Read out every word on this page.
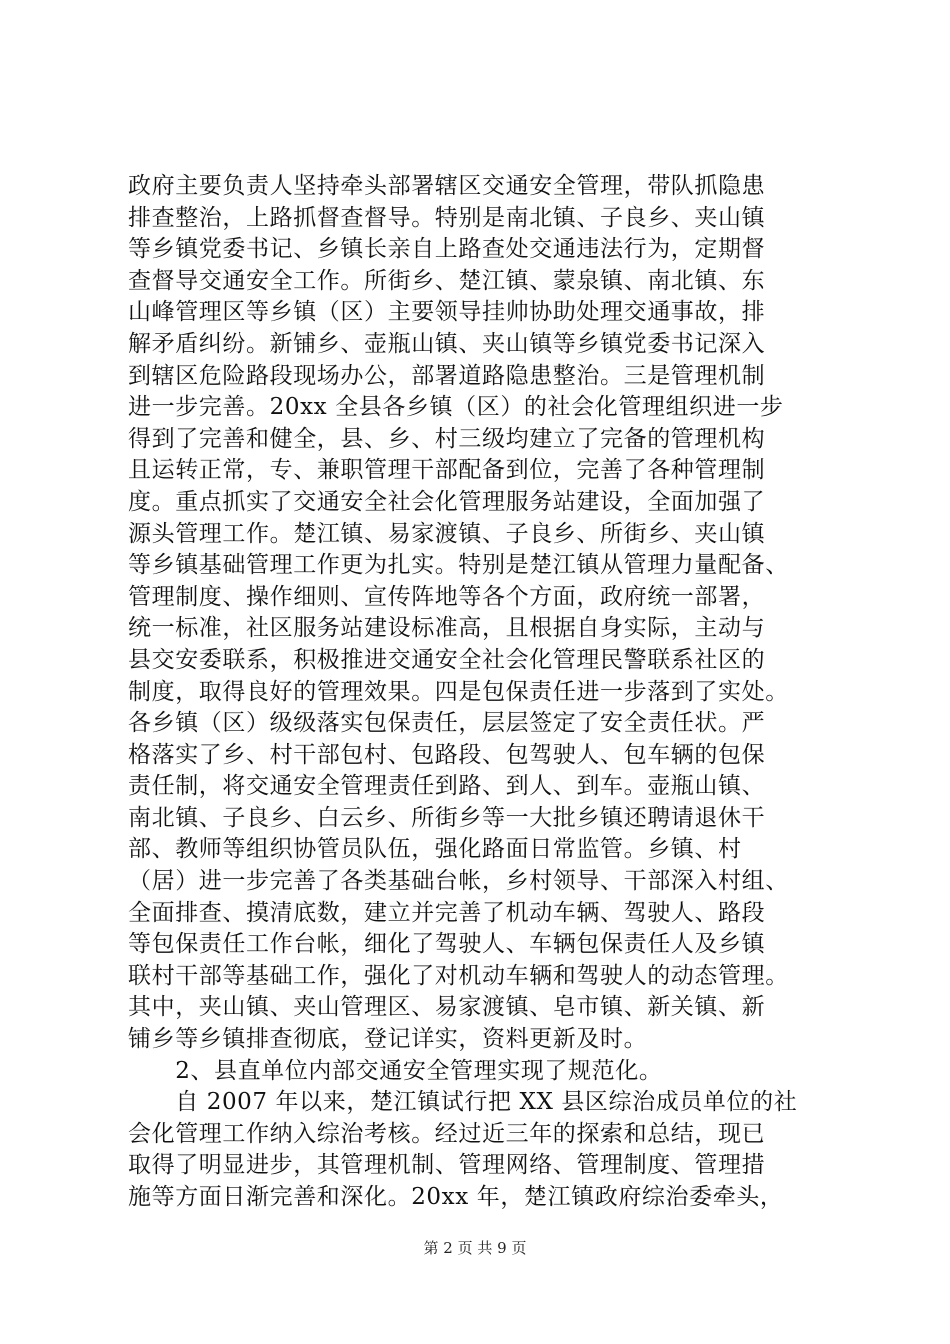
政府主要负责人坚持牵头部署辖区交通安全管理，带队抓隐患
排查整治，上路抓督查督导。特别是南北镇、子良乡、夹山镇
等乡镇党委书记、乡镇长亲自上路查处交通违法行为，定期督
查督导交通安全工作。所街乡、楚江镇、蒙泉镇、南北镇、东
山峰管理区等乡镇（区）主要领导挂帅协助处理交通事故，排
解矛盾纠纷。新铺乡、壶瓶山镇、夹山镇等乡镇党委书记深入
到辖区危险路段现场办公，部署道路隐患整治。三是管理机制
进一步完善。20xx 全县各乡镇（区）的社会化管理组织进一步
得到了完善和健全，县、乡、村三级均建立了完备的管理机构
且运转正常，专、兼职管理干部配备到位，完善了各种管理制
度。重点抓实了交通安全社会化管理服务站建设，全面加强了
源头管理工作。楚江镇、易家渡镇、子良乡、所街乡、夹山镇
等乡镇基础管理工作更为扎实。特别是楚江镇从管理力量配备、
管理制度、操作细则、宣传阵地等各个方面，政府统一部署，
统一标准，社区服务站建设标准高，且根据自身实际，主动与
县交安委联系，积极推进交通安全社会化管理民警联系社区的
制度，取得良好的管理效果。四是包保责任进一步落到了实处。
各乡镇（区）级级落实包保责任，层层签定了安全责任状。严
格落实了乡、村干部包村、包路段、包驾驶人、包车辆的包保
责任制，将交通安全管理责任到路、到人、到车。壶瓶山镇、
南北镇、子良乡、白云乡、所街乡等一大批乡镇还聘请退休干
部、教师等组织协管员队伍，强化路面日常监管。乡镇、村
（居）进一步完善了各类基础台帐，乡村领导、干部深入村组、
全面排查、摸清底数，建立并完善了机动车辆、驾驶人、路段
等包保责任工作台帐，细化了驾驶人、车辆包保责任人及乡镇
联村干部等基础工作，强化了对机动车辆和驾驶人的动态管理。
其中，夹山镇、夹山管理区、易家渡镇、皂市镇、新关镇、新
铺乡等乡镇排查彻底，登记详实，资料更新及时。
　　2、县直单位内部交通安全管理实现了规范化。
　　自 2007 年以来，楚江镇试行把 XX 县区综治成员单位的社
会化管理工作纳入综治考核。经过近三年的探索和总结，现已
取得了明显进步，其管理机制、管理网络、管理制度、管理措
施等方面日渐完善和深化。20xx 年，楚江镇政府综治委牵头，
第 2 页 共 9 页
